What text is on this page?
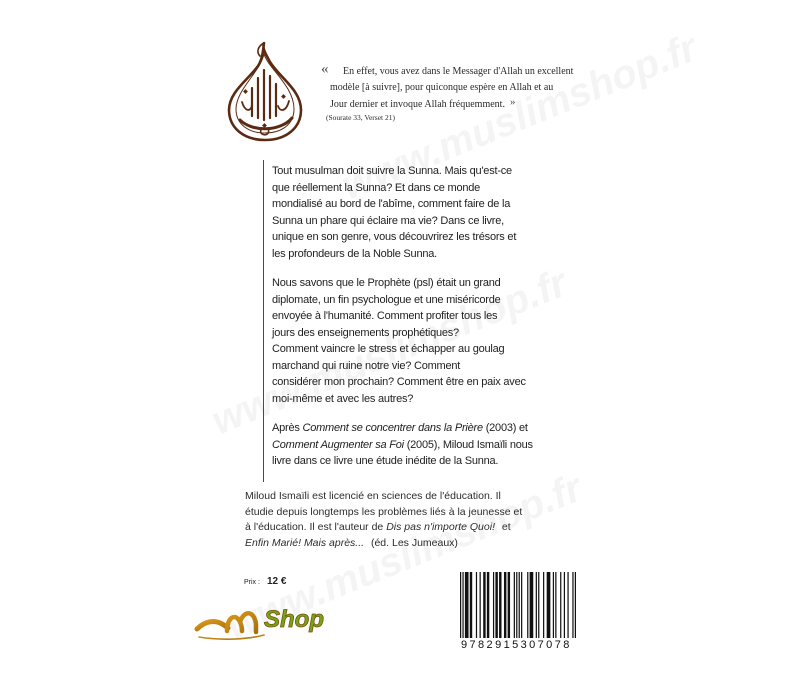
«	En effet, vous avez dans le Messager d'Allah un excellent
modèle [à suivre], pour quiconque espère en Allah et au
Jour dernier et invoque Allah fréquemment. »
(Sourate 33, Verset 21)
Tout musulman doit suivre la Sunna. Mais qu'est-ce
que réellement la Sunna? Et dans ce monde
mondialisé au bord de l'abîme, comment faire de la
Sunna un phare qui éclaire ma vie? Dans ce livre,
unique en son genre, vous découvrirez les trésors et
les profondeurs de la Noble Sunna.
Nous savons que le Prophète (psl) était un grand
diplomate, un fin psychologue et une miséricorde
envoyée à l'humanité. Comment profiter tous les
jours des enseignements prophétiques?
Comment vaincre le stress et échapper au goulag
marchand qui ruine notre vie? Comment
considérer mon prochain? Comment être en paix avec
moi-même et avec les autres?
Après Comment se concentrer dans la Prière (2003) et
Comment Augmenter sa Foi (2005), Miloud Ismaïli nous
livre dans ce livre une étude inédite de la Sunna.
Miloud Ismaïli est licencié en sciences de l'éducation. Il
étudie depuis longtemps les problèmes liés à la jeunesse et
à l'éducation. Il est l'auteur de Dis pas n'importe Quoi! et
Enfin Marié! Mais après... (éd. Les Jumeaux)
Prix : 12 €
9782915307078
Shop
